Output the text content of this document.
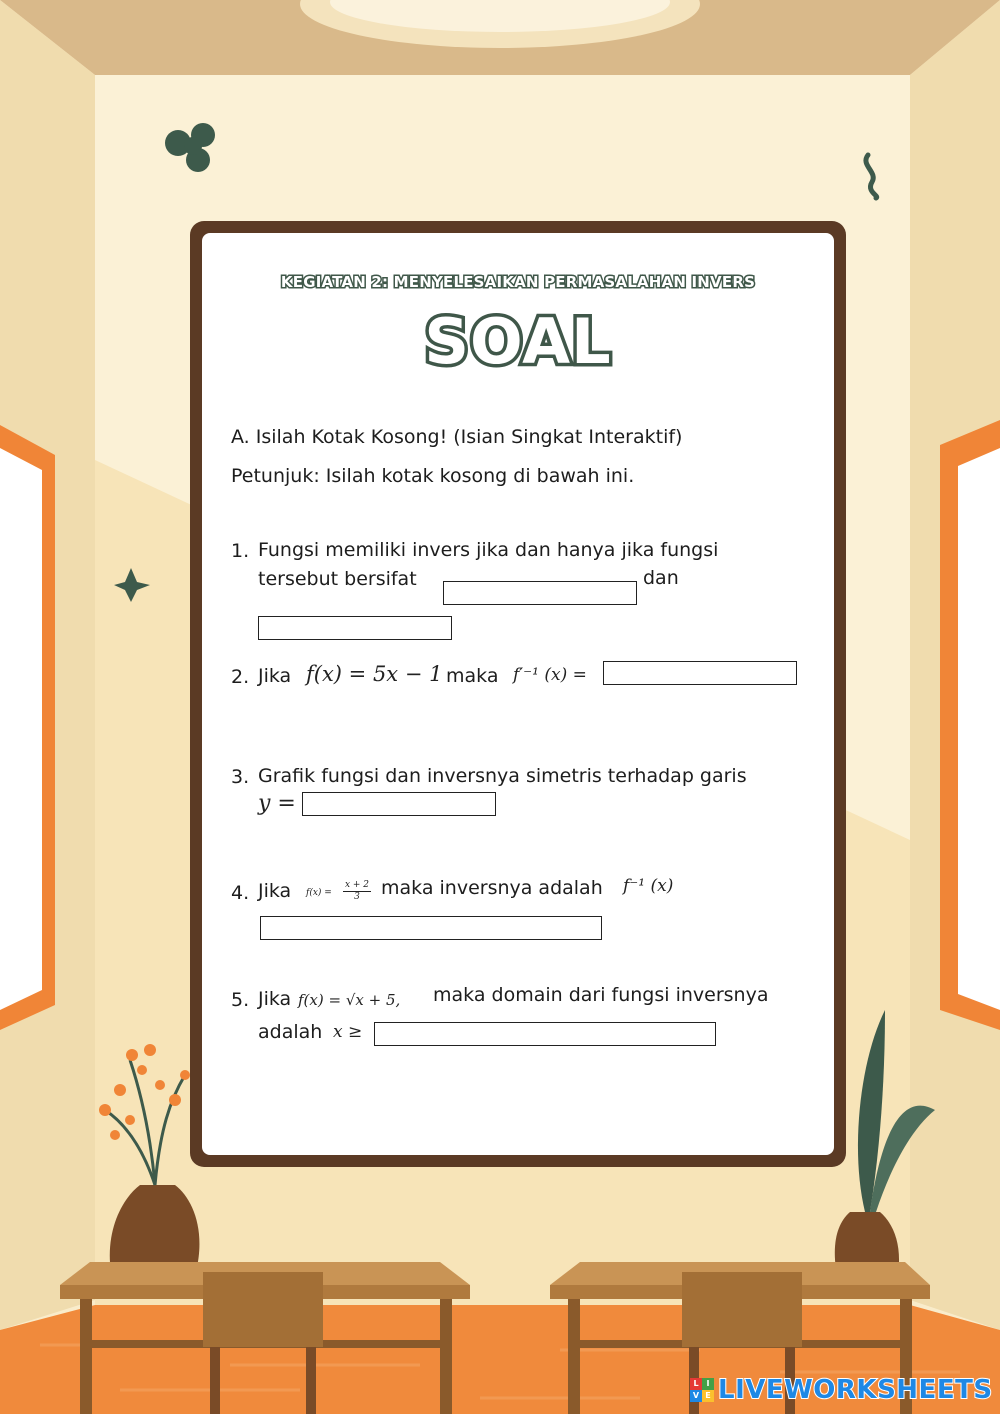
KEGIATAN 2: MENYELESAIKAN PERMASALAHAN INVERS
SOAL
A. Isilah Kotak Kosong! (Isian Singkat Interaktif)
Petunjuk: Isilah kotak kosong di bawah ini.
1. Fungsi memiliki invers jika dan hanya jika fungsi
tersebut bersifat	dan
2. Jika f(x) = 5x − 1 maka f′⁻¹ (x) =
3. Grafik fungsi dan inversnya simetris terhadap garis
y =
4. Jika $f(x) = \frac{x + 2}{3}$ maka inversnya adalah f⁻¹ (x)
5. Jika f(x) = √x + 5, maka domain dari fungsi inversnya
adalah x ≥
L I
V E LIVEWORKSHEETS
